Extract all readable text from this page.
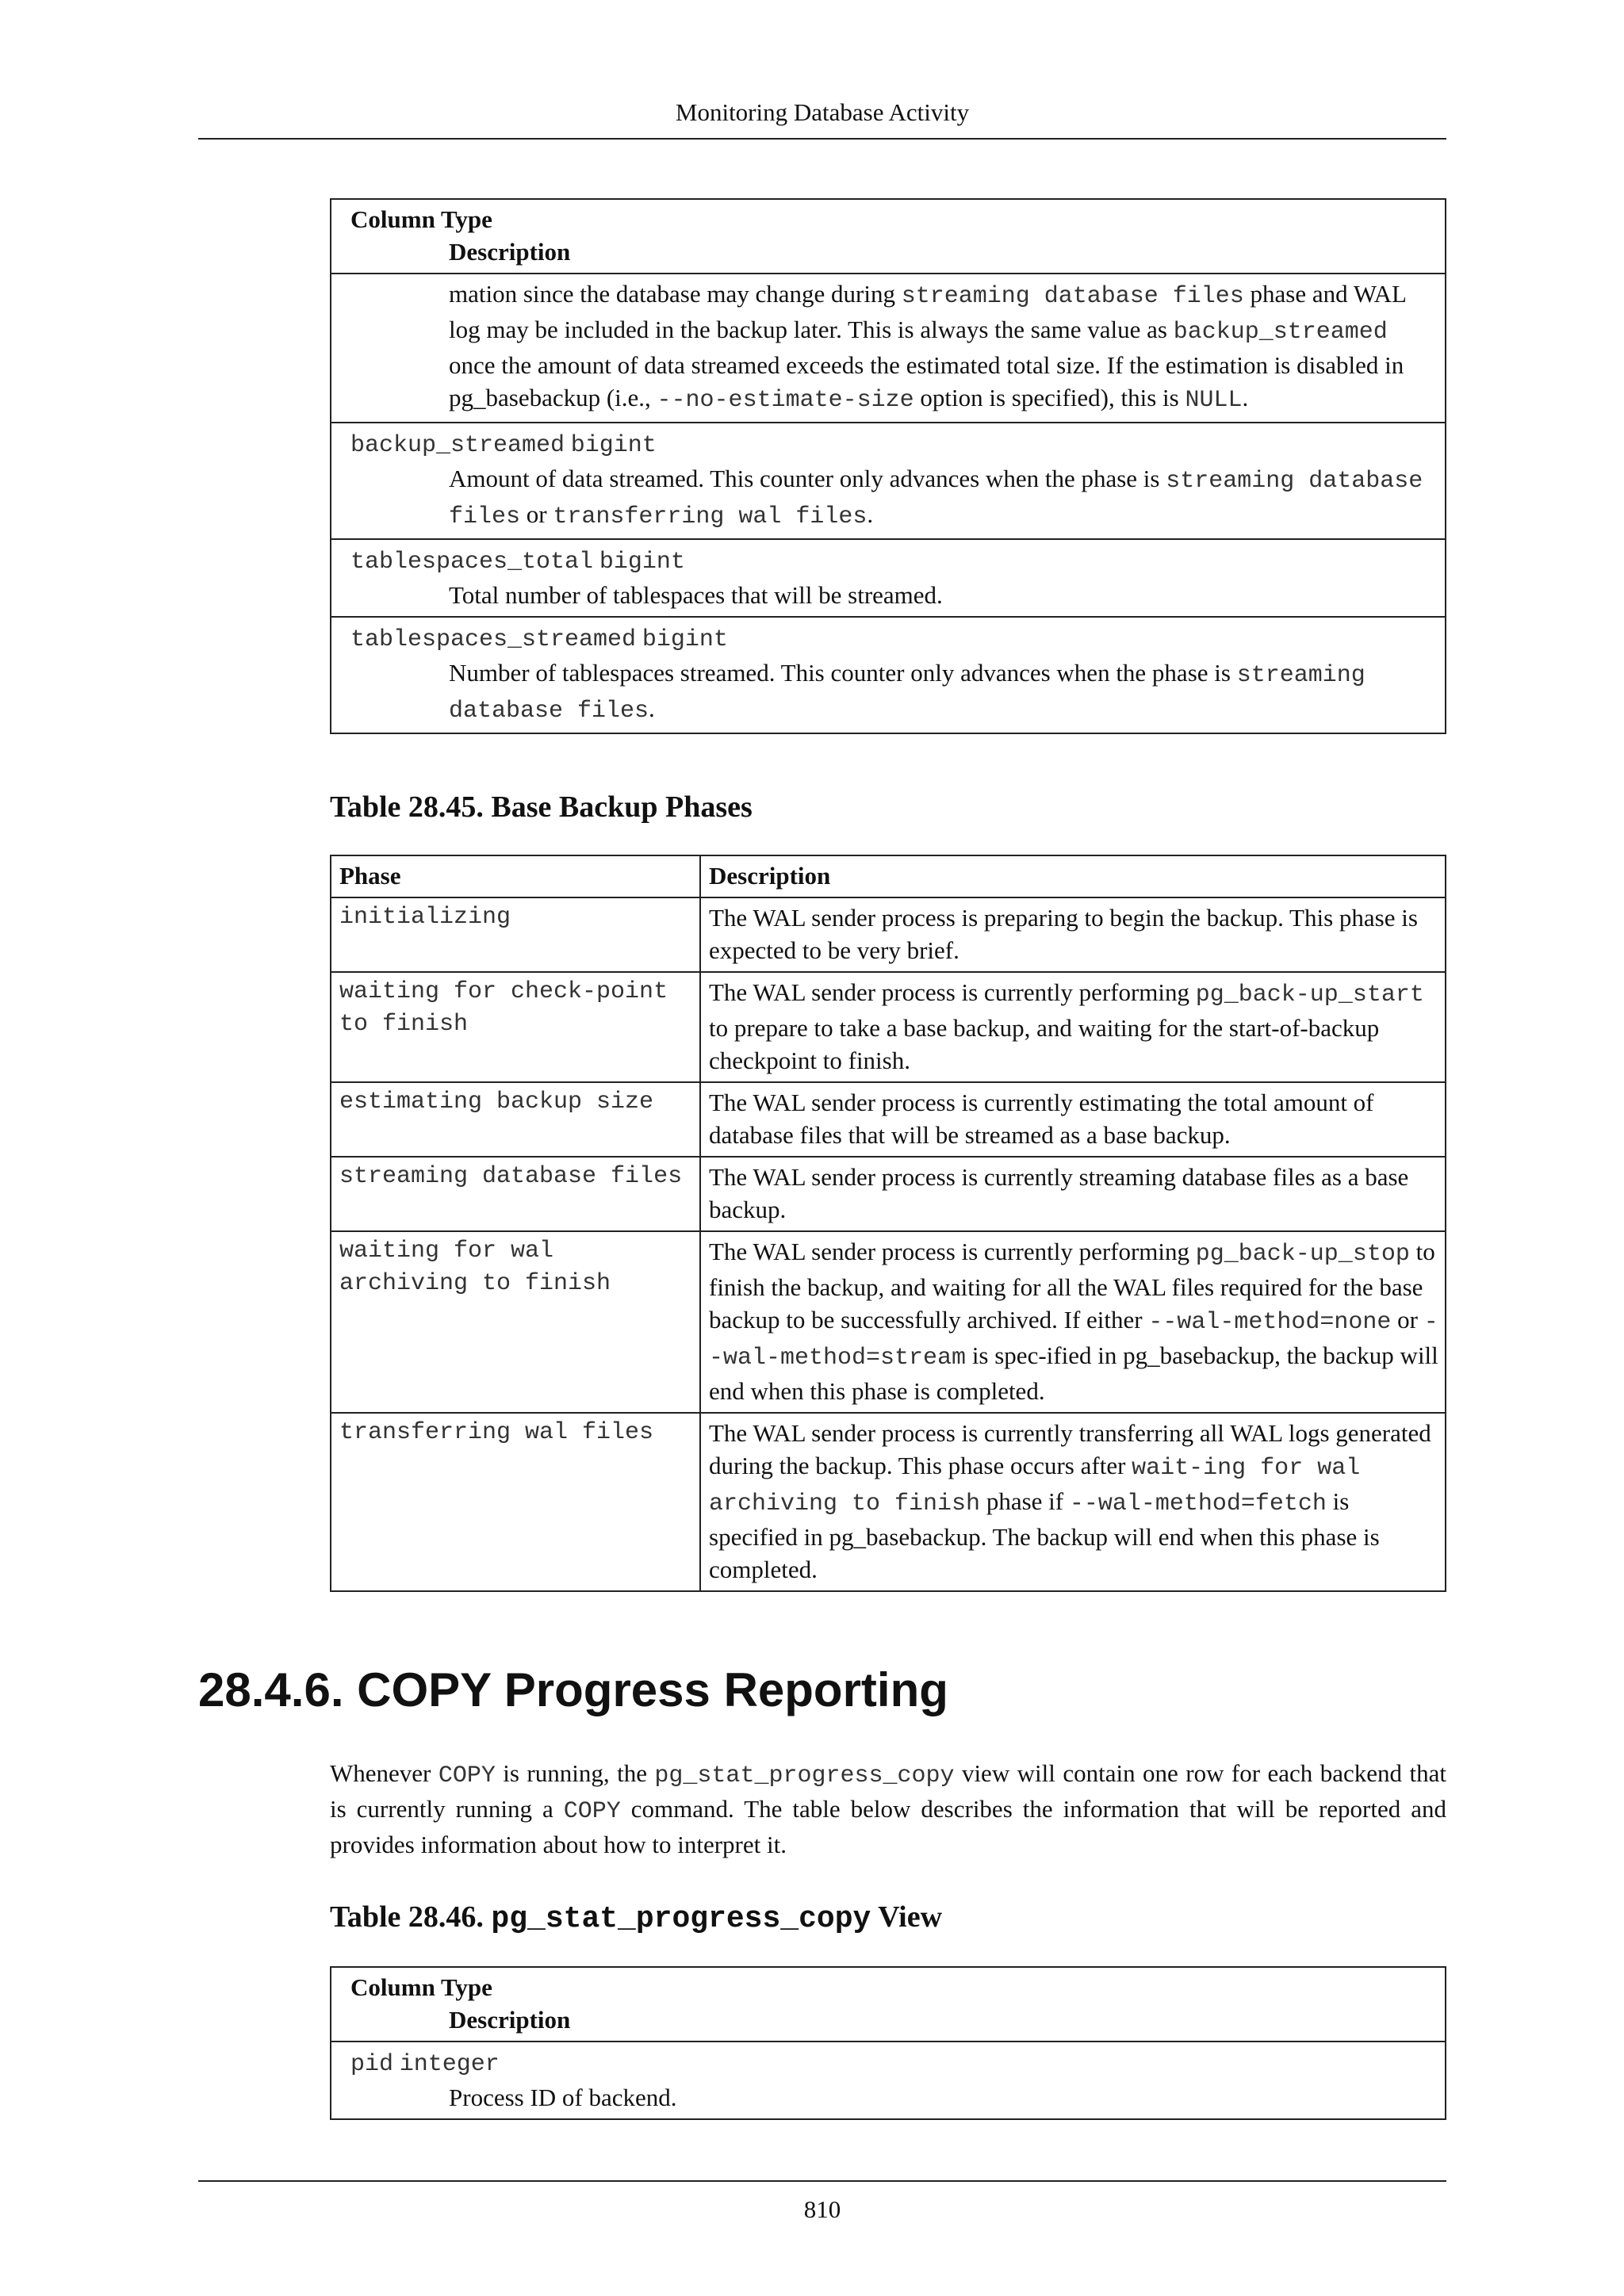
Monitoring Database Activity
Column Type
Description

mation since the database may change during streaming database files phase and WAL log may be included in the backup later. This is always the same value as backup_streamed once the amount of data streamed exceeds the estimated total size. If the estimation is disabled in pg_basebackup (i.e., --no-estimate-size option is specified), this is NULL.

backup_streamed bigint
Amount of data streamed. This counter only advances when the phase is streaming database files or transferring wal files.

tablespaces_total bigint
Total number of tablespaces that will be streamed.

tablespaces_streamed bigint
Number of tablespaces streamed. This counter only advances when the phase is streaming database files.
Table 28.45. Base Backup Phases
Phase	Description
initializing	The WAL sender process is preparing to begin the backup. This phase is expected to be very brief.
waiting for check-point to finish	The WAL sender process is currently performing pg_back-up_start to prepare to take a base backup, and waiting for the start-of-backup checkpoint to finish.
estimating backup size	The WAL sender process is currently estimating the total amount of database files that will be streamed as a base backup.
streaming database files	The WAL sender process is currently streaming database files as a base backup.
waiting for wal archiving to finish	The WAL sender process is currently performing pg_back-up_stop to finish the backup, and waiting for all the WAL files required for the base backup to be successfully archived. If either --wal-method=none or --wal-method=stream is spec-ified in pg_basebackup, the backup will end when this phase is completed.
transferring wal files	The WAL sender process is currently transferring all WAL logs generated during the backup. This phase occurs after wait-ing for wal archiving to finish phase if --wal-method=fetch is specified in pg_basebackup. The backup will end when this phase is completed.
28.4.6. COPY Progress Reporting
Whenever COPY is running, the pg_stat_progress_copy view will contain one row for each backend that is currently running a COPY command. The table below describes the information that will be reported and provides information about how to interpret it.
Table 28.46. pg_stat_progress_copy View
Column Type
Description

pid integer
Process ID of backend.
810
